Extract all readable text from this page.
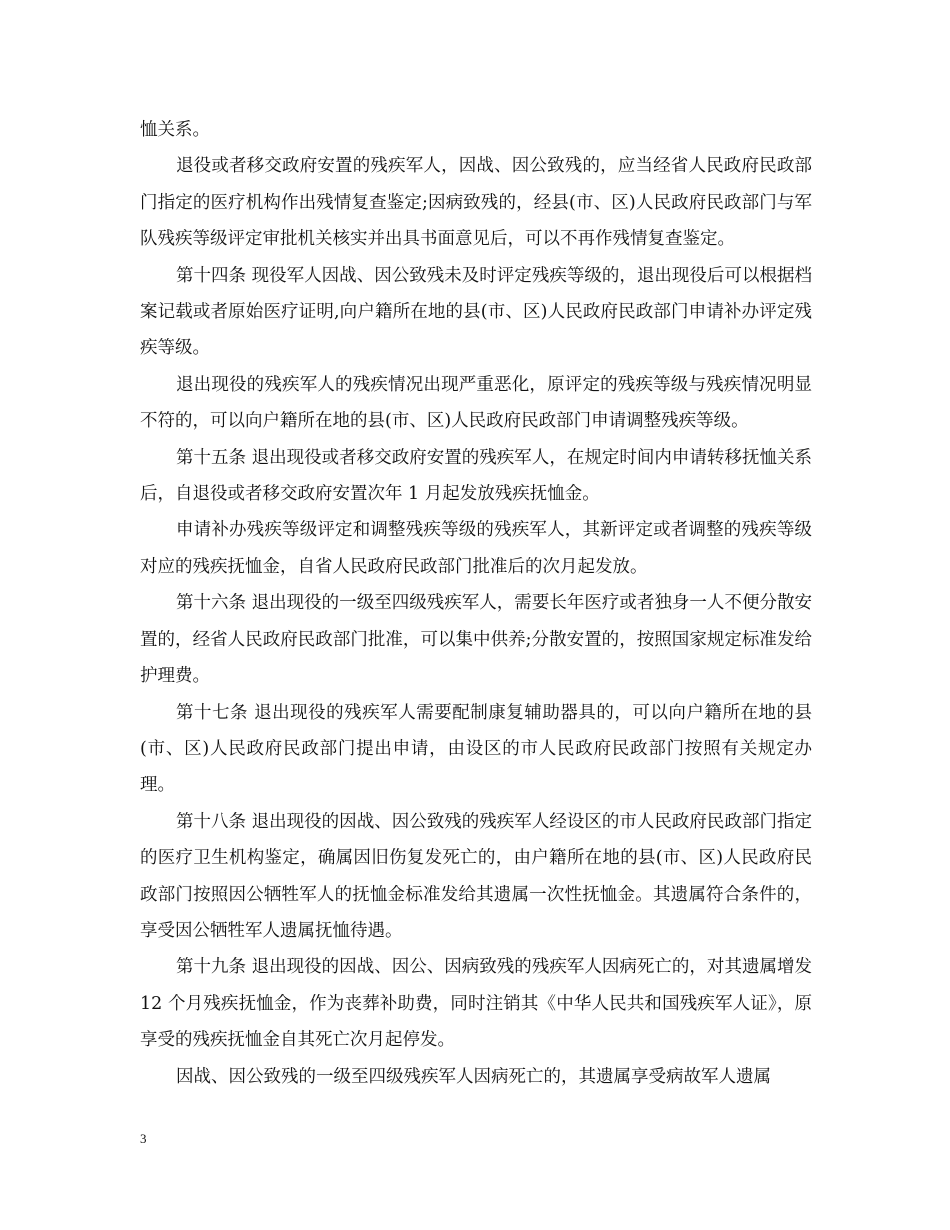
恤关系。

退役或者移交政府安置的残疾军人，因战、因公致残的，应当经省人民政府民政部门指定的医疗机构作出残情复查鉴定;因病致残的，经县(市、区)人民政府民政部门与军队残疾等级评定审批机关核实并出具书面意见后，可以不再作残情复查鉴定。

第十四条 现役军人因战、因公致残未及时评定残疾等级的，退出现役后可以根据档案记载或者原始医疗证明,向户籍所在地的县(市、区)人民政府民政部门申请补办评定残疾等级。

退出现役的残疾军人的残疾情况出现严重恶化，原评定的残疾等级与残疾情况明显不符的，可以向户籍所在地的县(市、区)人民政府民政部门申请调整残疾等级。

第十五条 退出现役或者移交政府安置的残疾军人，在规定时间内申请转移抚恤关系后，自退役或者移交政府安置次年 1 月起发放残疾抚恤金。

申请补办残疾等级评定和调整残疾等级的残疾军人，其新评定或者调整的残疾等级对应的残疾抚恤金，自省人民政府民政部门批准后的次月起发放。

第十六条 退出现役的一级至四级残疾军人，需要长年医疗或者独身一人不便分散安置的，经省人民政府民政部门批准，可以集中供养;分散安置的，按照国家规定标准发给护理费。

第十七条 退出现役的残疾军人需要配制康复辅助器具的，可以向户籍所在地的县(市、区)人民政府民政部门提出申请，由设区的市人民政府民政部门按照有关规定办理。

第十八条 退出现役的因战、因公致残的残疾军人经设区的市人民政府民政部门指定的医疗卫生机构鉴定，确属因旧伤复发死亡的，由户籍所在地的县(市、区)人民政府民政部门按照因公牺牲军人的抚恤金标准发给其遗属一次性抚恤金。其遗属符合条件的，享受因公牺牲军人遗属抚恤待遇。

第十九条 退出现役的因战、因公、因病致残的残疾军人因病死亡的，对其遗属增发 12 个月残疾抚恤金，作为丧葬补助费，同时注销其《中华人民共和国残疾军人证》，原享受的残疾抚恤金自其死亡次月起停发。

因战、因公致残的一级至四级残疾军人因病死亡的，其遗属享受病故军人遗属

3
